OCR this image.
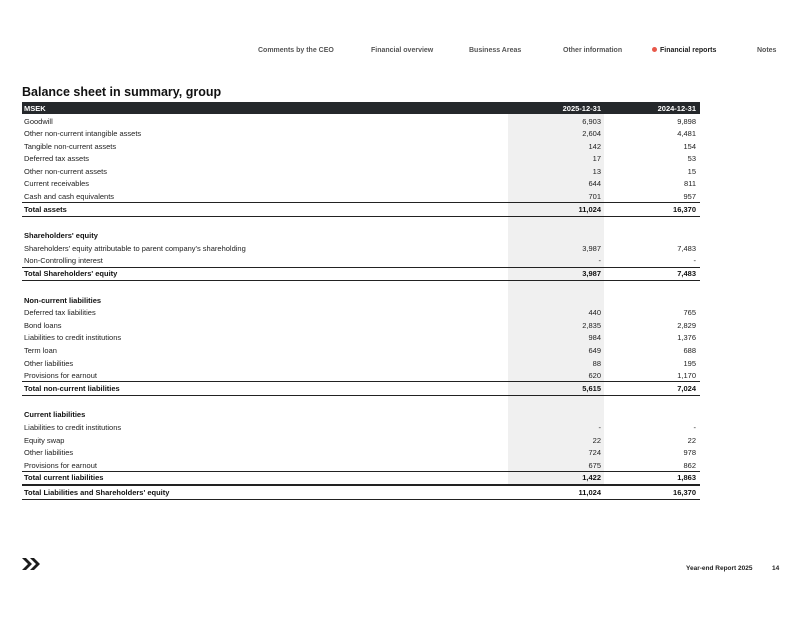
Comments by the CEO	Financial overview	Business Areas	Other information	Financial reports	Notes
Balance sheet in summary, group
MSEK	2025-12-31	2024-12-31
Goodwill	6,903	9,898
Other non-current intangible assets	2,604	4,481
Tangible non-current assets	142	154
Deferred tax assets	17	53
Other non-current assets	13	15
Current receivables	644	811
Cash and cash equivalents	701	957
Total assets	11,024	16,370
Shareholders' equity
Shareholders' equity attributable to parent company's shareholding	3,987	7,483
Non-Controlling interest	-	-
Total Shareholders' equity	3,987	7,483
Non-current liabilities
Deferred tax liabilities	440	765
Bond loans	2,835	2,829
Liabilities to credit institutions	984	1,376
Term loan	649	688
Other liabilities	88	195
Provisions for earnout	620	1,170
Total non-current liabilities	5,615	7,024
Current liabilities
Liabilities to credit institutions	-	-
Equity swap	22	22
Other liabilities	724	978
Provisions for earnout	675	862
Total current liabilities	1,422	1,863
Total Liabilities and Shareholders' equity	11,024	16,370
Year-end Report 2025	14
